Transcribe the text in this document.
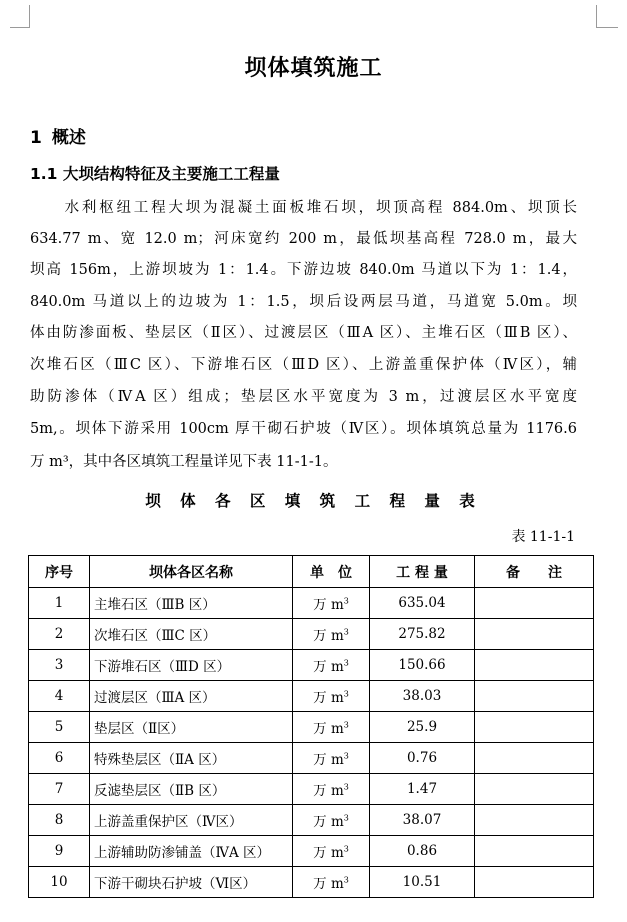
坝体填筑施工
1 概述
1.1 大坝结构特征及主要施工工程量
　　水利枢纽工程大坝为混凝土面板堆石坝，坝顶高程 884.0m、坝顶长
634.77 m、宽 12.0 m；河床宽约 200 m，最低坝基高程 728.0 m，最大
坝高 156m，上游坝坡为 1：1.4。下游边坡 840.0m 马道以下为 1：1.4，
840.0m 马道以上的边坡为 1：1.5，坝后设两层马道，马道宽 5.0m。坝
体由防渗面板、垫层区（Ⅱ区）、过渡层区（ⅢA 区）、主堆石区（ⅢB 区）、
次堆石区（ⅢC 区）、下游堆石区（ⅢD 区）、上游盖重保护体（Ⅳ区），辅
助防渗体（ⅣA 区）组成；垫层区水平宽度为 3 m，过渡层区水平宽度
5m,。坝体下游采用 100cm 厚干砌石护坡（Ⅳ区）。坝体填筑总量为 1176.6
万 m³，其中各区填筑工程量详见下表 11-1-1。
坝 体 各 区 填 筑 工 程 量 表
表 11-1-1
序号	坝体各区名称	单　位	工 程 量	备　　注
1	主堆石区（ⅢB 区）	万 $m^3$	635.04	
2	次堆石区（ⅢC 区）	万 $m^3$	275.82	
3	下游堆石区（ⅢD 区）	万 $m^3$	150.66	
4	过渡层区（ⅢA 区）	万 $m^3$	38.03	
5	垫层区（Ⅱ区）	万 $m^3$	25.9	
6	特殊垫层区（ⅡA 区）	万 $m^3$	0.76	
7	反滤垫层区（ⅡB 区）	万 $m^3$	1.47	
8	上游盖重保护区（Ⅳ区）	万 $m^3$	38.07	
9	上游辅助防渗铺盖（ⅣA 区）	万 $m^3$	0.86	
10	下游干砌块石护坡（Ⅵ区）	万 $m^3$	10.51	
